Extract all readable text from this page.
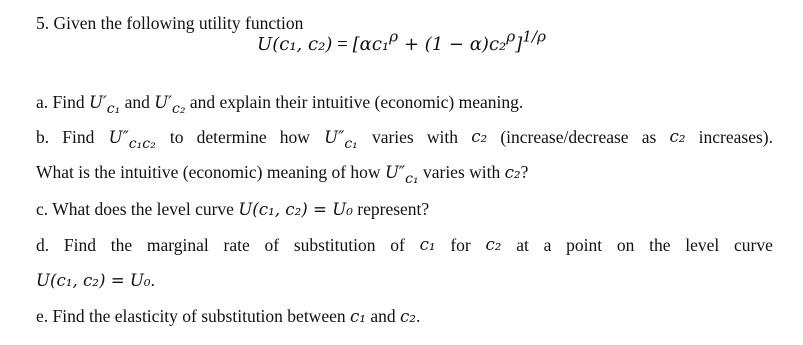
5. Given the following utility function
U(c₁, $c_2) = [\alpha c_1^\rho + (1 - \alpha)c_2^\rho]^{1/\rho}$
a. Find $U'_{c_1}$ and $U'_{c_2}$ and explain their intuitive (economic) meaning.
b. Find $U''_{c_1c_2}$ to determine how $U''_{c_1}$ varies with c₂ (increase/decrease as c₂ increases).
What is the intuitive (economic) meaning of how $U''_{c_1}$ varies with c₂?
c. What does the level curve U(c₁, c₂) = U₀ represent?
d. Find the marginal rate of substitution of c₁ for c₂ at a point on the level curve
U(c₁, c₂) = U₀.
e. Find the elasticity of substitution between c₁ and c₂.
